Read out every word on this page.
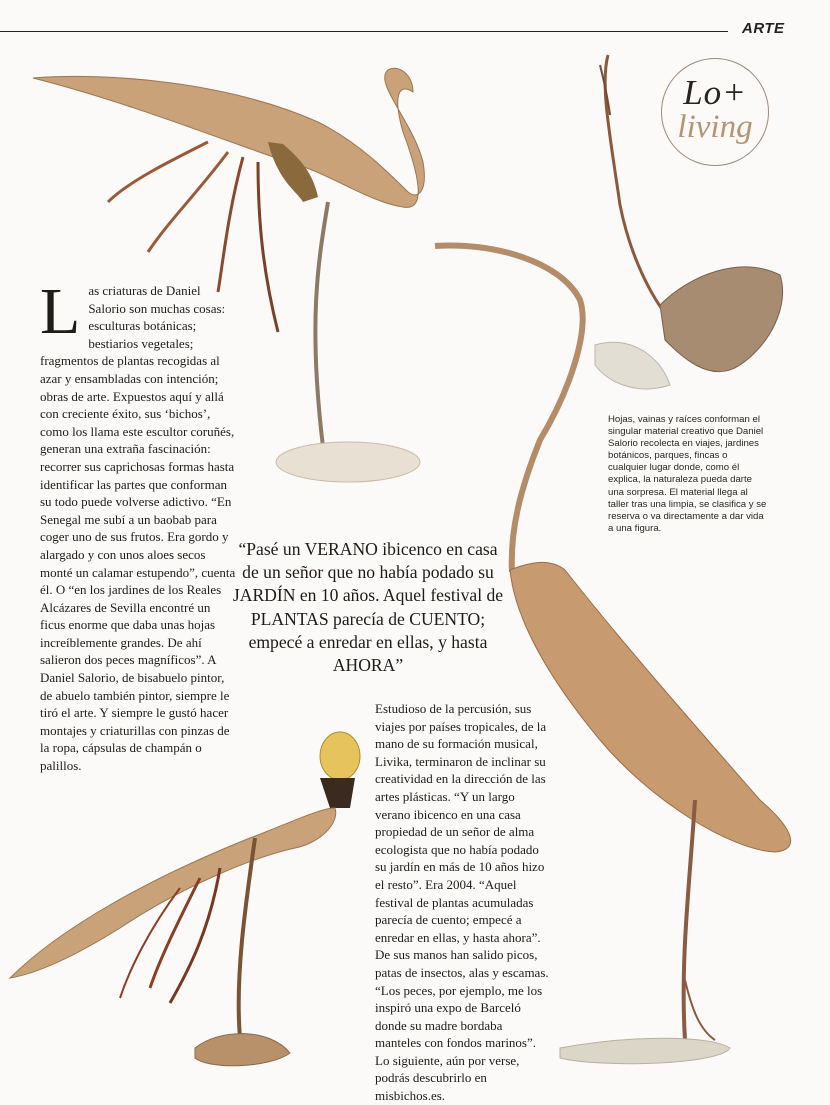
ARTE
Lo+
living
L as criaturas de Daniel Salorio son muchas cosas: esculturas botánicas; bestiarios vegetales; fragmentos de plantas recogidas al azar y ensambladas con intención; obras de arte. Expuestos aquí y allá con creciente éxito, sus ‘bichos’, como los llama este escultor coruñés, generan una extraña fascinación: recorrer sus caprichosas formas hasta identificar las partes que conforman su todo puede volverse adictivo. “En Senegal me subí a un baobab para coger uno de sus frutos. Era gordo y alargado y con unos aloes secos monté un calamar estupendo”, cuenta él. O “en los jardines de los Reales Alcázares de Sevilla encontré un ficus enorme que daba unas hojas increíblemente grandes. De ahí salieron dos peces magníficos”. A Daniel Salorio, de bisabuelo pintor, de abuelo también pintor, siempre le tiró el arte. Y siempre le gustó hacer montajes y criaturillas con pinzas de la ropa, cápsulas de champán o palillos.
“Pasé un VERANO ibicenco en casa de un señor que no había podado su JARDÍN en 10 años. Aquel festival de PLANTAS parecía de CUENTO; empecé a enredar en ellas, y hasta AHORA”
Hojas, vainas y raíces conforman el singular material creativo que Daniel Salorio recolecta en viajes, jardines botánicos, parques, fincas o cualquier lugar donde, como él explica, la naturaleza pueda darte una sorpresa. El material llega al taller tras una limpia, se clasifica y se reserva o va directamente a dar vida a una figura.
Estudioso de la percusión, sus viajes por países tropicales, de la mano de su formación musical, Livika, terminaron de inclinar su creatividad en la dirección de las artes plásticas. “Y un largo verano ibicenco en una casa propiedad de un señor de alma ecologista que no había podado su jardín en más de 10 años hizo el resto”. Era 2004. “Aquel festival de plantas acumuladas parecía de cuento; empecé a enredar en ellas, y hasta ahora”. De sus manos han salido picos, patas de insectos, alas y escamas. “Los peces, por ejemplo, me los inspiró una expo de Barceló donde su madre bordaba manteles con fondos marinos”. Lo siguiente, aún por verse, podrás descubrirlo en misbichos.es.
